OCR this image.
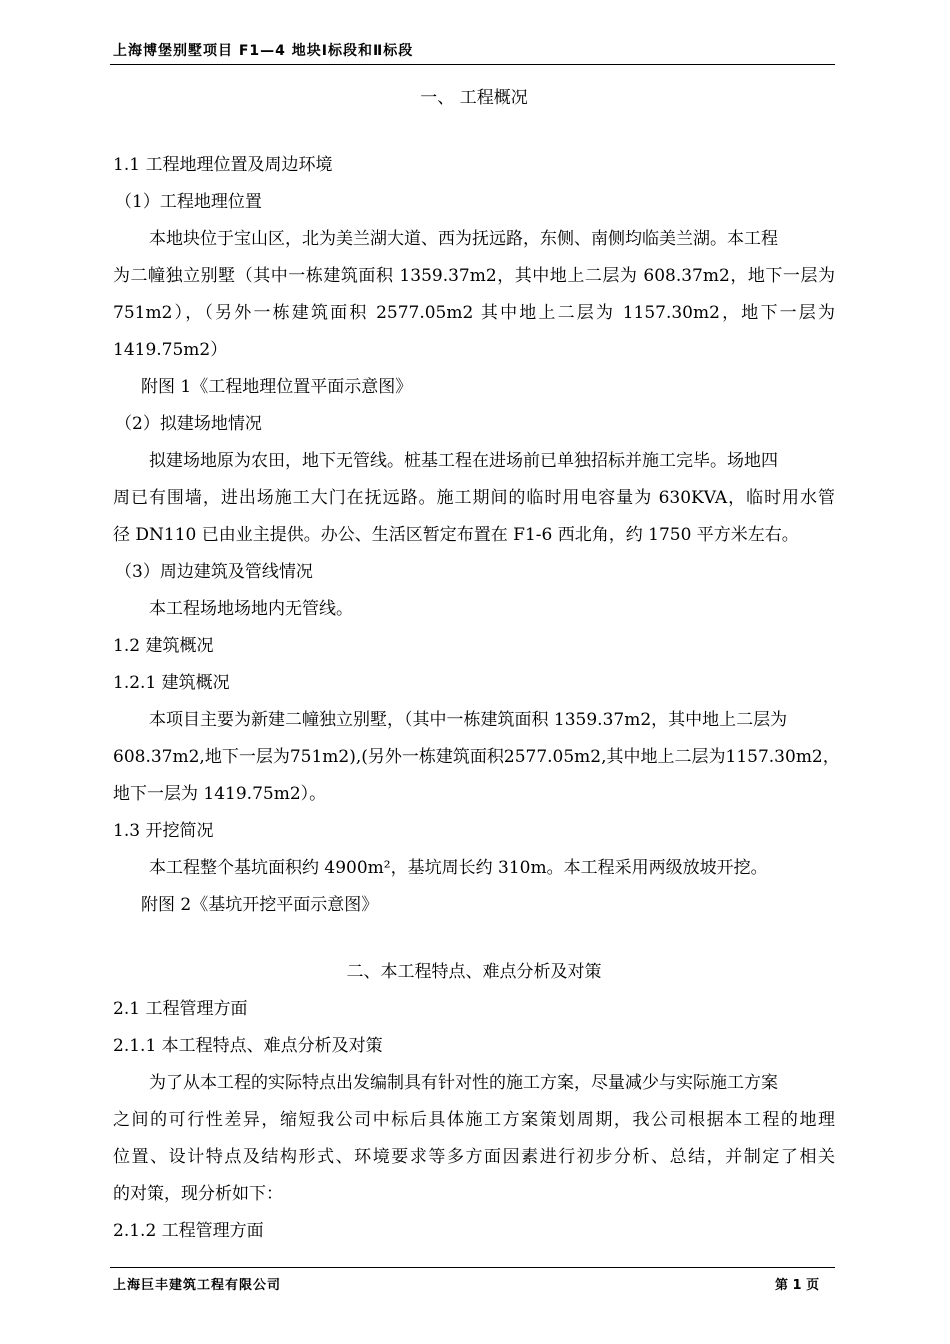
上海博堡别墅项目 F1—4 地块Ⅰ标段和Ⅱ标段
一、 工程概况
1.1 工程地理位置及周边环境
（1）工程地理位置
本地块位于宝山区，北为美兰湖大道、西为抚远路，东侧、南侧均临美兰湖。本工程
为二幢独立别墅（其中一栋建筑面积 1359.37m2，其中地上二层为 608.37m2，地下一层为
751m2），（另外一栋建筑面积 2577.05m2 其中地上二层为 1157.30m2，地下一层为
1419.75m2）
附图 1《工程地理位置平面示意图》
（2）拟建场地情况
拟建场地原为农田，地下无管线。桩基工程在进场前已单独招标并施工完毕。场地四
周已有围墙，进出场施工大门在抚远路。施工期间的临时用电容量为 630KVA，临时用水管
径 DN110 已由业主提供。办公、生活区暂定布置在 F1-6 西北角，约 1750 平方米左右。
（3）周边建筑及管线情况
本工程场地场地内无管线。
1.2 建筑概况
1.2.1 建筑概况
本项目主要为新建二幢独立别墅，（其中一栋建筑面积 1359.37m2，其中地上二层为
608.37m2,地下一层为751m2),(另外一栋建筑面积2577.05m2,其中地上二层为1157.30m2，
地下一层为 1419.75m2）。
1.3 开挖简况
本工程整个基坑面积约 4900m²，基坑周长约 310m。本工程采用两级放坡开挖。
附图 2《基坑开挖平面示意图》
二、本工程特点、难点分析及对策
2.1 工程管理方面
2.1.1 本工程特点、难点分析及对策
为了从本工程的实际特点出发编制具有针对性的施工方案，尽量减少与实际施工方案
之间的可行性差异，缩短我公司中标后具体施工方案策划周期，我公司根据本工程的地理
位置、设计特点及结构形式、环境要求等多方面因素进行初步分析、总结，并制定了相关
的对策，现分析如下：
2.1.2 工程管理方面
上海巨丰建筑工程有限公司	第 1 页
